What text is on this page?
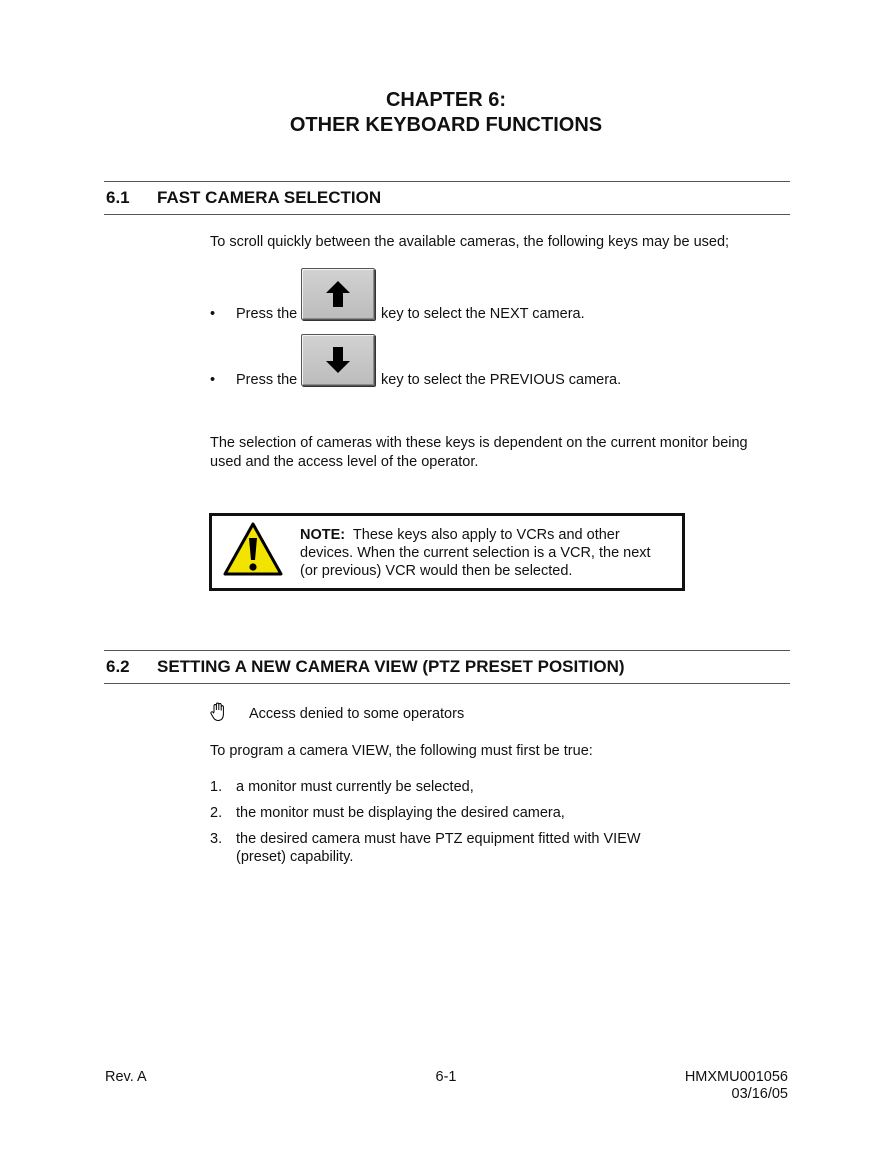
CHAPTER 6:
OTHER KEYBOARD FUNCTIONS
6.1 FAST CAMERA SELECTION
To scroll quickly between the available cameras, the following keys may be used;
• Press the	key to select the NEXT camera.
• Press the	key to select the PREVIOUS camera.
The selection of cameras with these keys is dependent on the current monitor being used and the access level of the operator.
NOTE: These keys also apply to VCRs and other devices. When the current selection is a VCR, the next (or previous) VCR would then be selected.
6.2 SETTING A NEW CAMERA VIEW (PTZ PRESET POSITION)
Access denied to some operators
To program a camera VIEW, the following must first be true:
1. a monitor must currently be selected,
2. the monitor must be displaying the desired camera,
3. the desired camera must have PTZ equipment fitted with VIEW (preset) capability.
Rev. A	6-1	HMXMU001056
03/16/05
